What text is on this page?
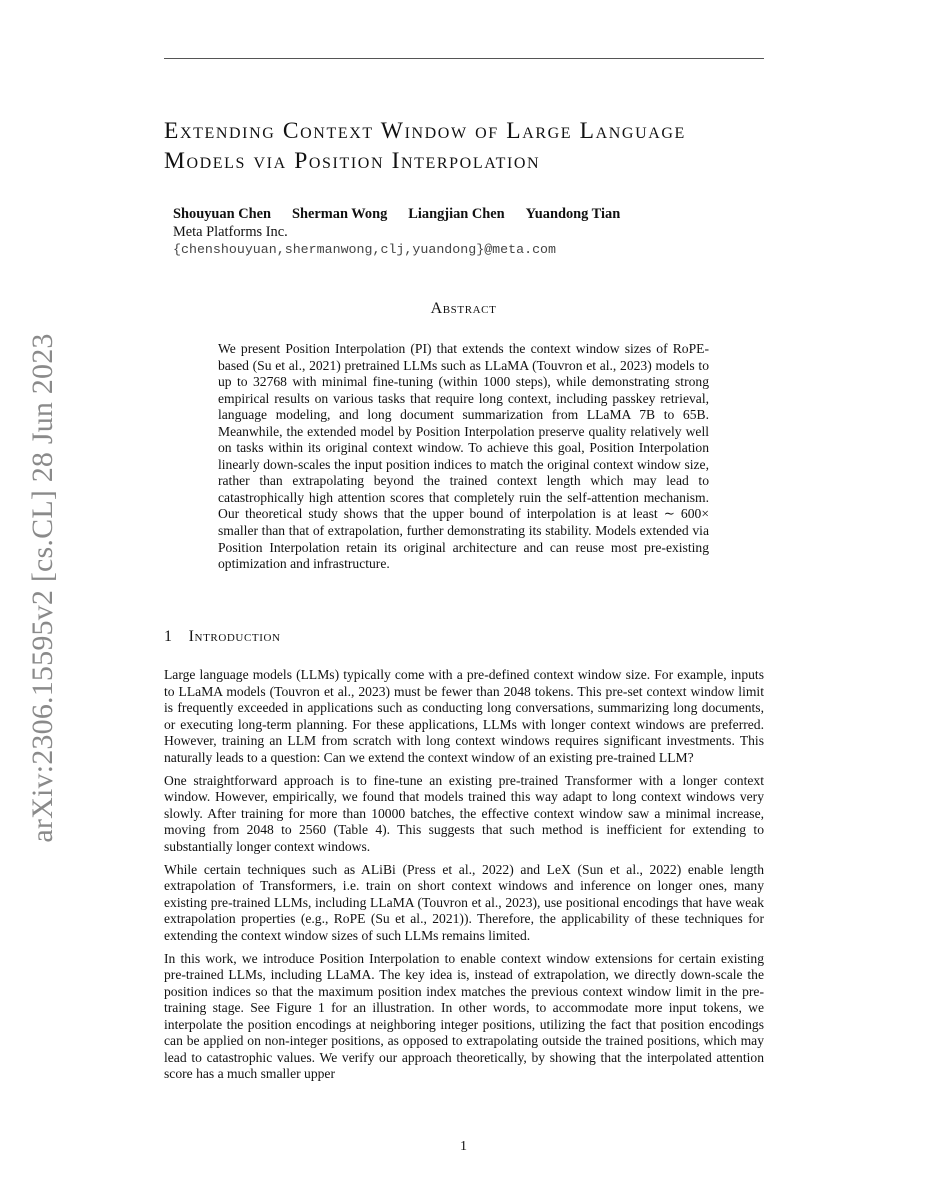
arXiv:2306.15595v2 [cs.CL] 28 Jun 2023
Extending Context Window of Large Language Models via Position Interpolation
Shouyuan Chen Sherman Wong Liangjian Chen Yuandong Tian
Meta Platforms Inc.
{chenshouyuan,shermanwong,clj,yuandong}@meta.com
Abstract
We present Position Interpolation (PI) that extends the context window sizes of RoPE-based (Su et al., 2021) pretrained LLMs such as LLaMA (Touvron et al., 2023) models to up to 32768 with minimal fine-tuning (within 1000 steps), while demonstrating strong empirical results on various tasks that require long context, including passkey retrieval, language modeling, and long document summarization from LLaMA 7B to 65B. Meanwhile, the extended model by Position Interpolation preserve quality relatively well on tasks within its original context window. To achieve this goal, Position Interpolation linearly down-scales the input position indices to match the original context window size, rather than extrapolating beyond the trained context length which may lead to catastrophically high attention scores that completely ruin the self-attention mechanism. Our theoretical study shows that the upper bound of interpolation is at least ∼ 600× smaller than that of extrapolation, further demonstrating its stability. Models extended via Position Interpolation retain its original architecture and can reuse most pre-existing optimization and infrastructure.
1 Introduction

Large language models (LLMs) typically come with a pre-defined context window size. For example, inputs to LLaMA models (Touvron et al., 2023) must be fewer than 2048 tokens. This pre-set context window limit is frequently exceeded in applications such as conducting long conversations, summarizing long documents, or executing long-term planning. For these applications, LLMs with longer context windows are preferred. However, training an LLM from scratch with long context windows requires significant investments. This naturally leads to a question: Can we extend the context window of an existing pre-trained LLM?

One straightforward approach is to fine-tune an existing pre-trained Transformer with a longer context window. However, empirically, we found that models trained this way adapt to long context windows very slowly. After training for more than 10000 batches, the effective context window saw a minimal increase, moving from 2048 to 2560 (Table 4). This suggests that such method is inefficient for extending to substantially longer context windows.

While certain techniques such as ALiBi (Press et al., 2022) and LeX (Sun et al., 2022) enable length extrapolation of Transformers, i.e. train on short context windows and inference on longer ones, many existing pre-trained LLMs, including LLaMA (Touvron et al., 2023), use positional encodings that have weak extrapolation properties (e.g., RoPE (Su et al., 2021)). Therefore, the applicability of these techniques for extending the context window sizes of such LLMs remains limited.

In this work, we introduce Position Interpolation to enable context window extensions for certain existing pre-trained LLMs, including LLaMA. The key idea is, instead of extrapolation, we directly down-scale the position indices so that the maximum position index matches the previous context window limit in the pre-training stage. See Figure 1 for an illustration. In other words, to accommodate more input tokens, we interpolate the position encodings at neighboring integer positions, utilizing the fact that position encodings can be applied on non-integer positions, as opposed to extrapolating outside the trained positions, which may lead to catastrophic values. We verify our approach theoretically, by showing that the interpolated attention score has a much smaller upper

1
